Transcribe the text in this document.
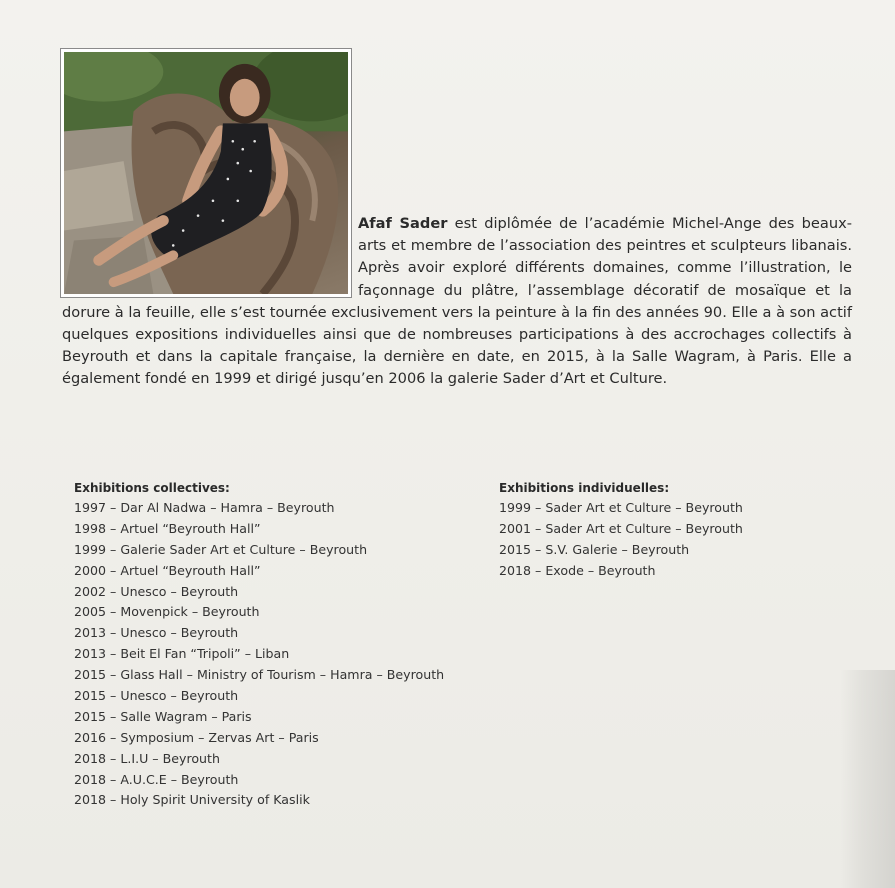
Afaf Sader est diplômée de l’académie Michel-Ange des beaux-arts et membre de l’association des peintres et sculpteurs libanais. Après avoir exploré différents domaines, comme l’illustration, le façonnage du plâtre, l’assemblage décoratif de mosaïque et la dorure à la feuille, elle s’est tournée exclusivement vers la peinture à la fin des années 90. Elle a à son actif quelques expositions individuelles ainsi que de nombreuses participations à des accrochages collectifs à Beyrouth et dans la capitale française, la dernière en date, en 2015, à la Salle Wagram, à Paris. Elle a également fondé en 1999 et dirigé jusqu’en 2006 la galerie Sader d’Art et Culture.

Exhibitions collectives:
1997 – Dar Al Nadwa – Hamra – Beyrouth
1998 – Artuel “Beyrouth Hall”
1999 – Galerie Sader Art et Culture – Beyrouth
2000 – Artuel “Beyrouth Hall”
2002 – Unesco – Beyrouth
2005 – Movenpick – Beyrouth
2013 – Unesco – Beyrouth
2013 – Beit El Fan “Tripoli” – Liban
2015 – Glass Hall – Ministry of Tourism – Hamra – Beyrouth
2015 – Unesco – Beyrouth
2015 – Salle Wagram – Paris
2016 – Symposium – Zervas Art – Paris
2018 – L.I.U – Beyrouth
2018 – A.U.C.E – Beyrouth
2018 – Holy Spirit University of Kaslik
Exhibitions individuelles:
1999 – Sader Art et Culture – Beyrouth
2001 – Sader Art et Culture – Beyrouth
2015 – S.V. Galerie – Beyrouth
2018 – Exode – Beyrouth
